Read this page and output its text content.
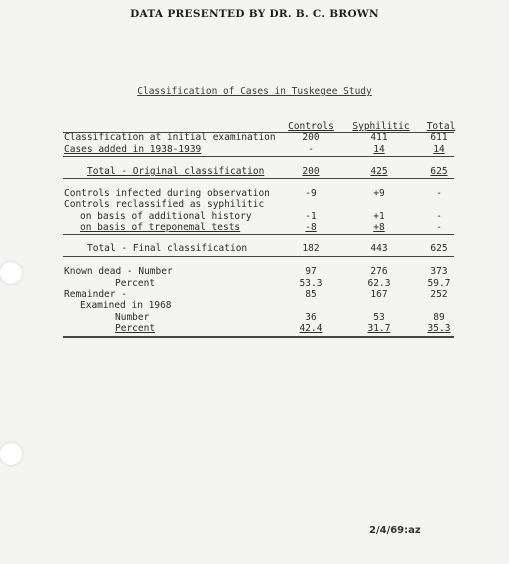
DATA PRESENTED BY DR. B. C. BROWN
Classification of Cases in Tuskegee Study
Controls	Syphilitic	Total
Classification at initial examination	200	411	611
Cases added in 1938-1939	-	14	14
Total - Original classification	200	425	625
Controls infected during observation	-9	+9	-
Controls reclassified as syphilitic
on basis of additional history	-1	+1	-
on basis of treponemal tests	-8	+8	-
Total - Final classification	182	443	625
Known dead - Number	97	276	373
Percent	53.3	62.3	59.7
Remainder -	85	167	252
Examined in 1968
Number	36	53	89
Percent	42.4	31.7	35.3
2/4/69:az
